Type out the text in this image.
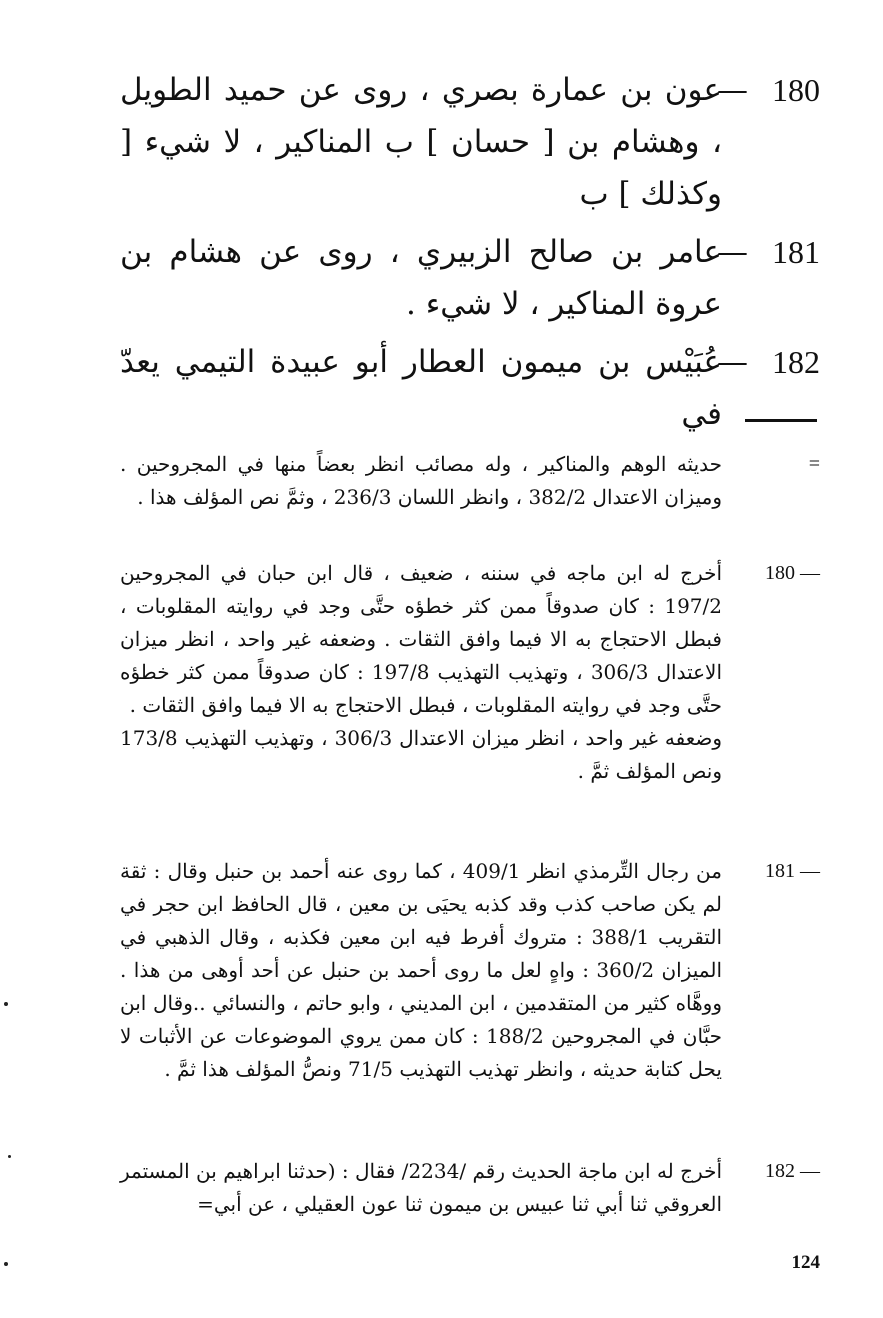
180
—
عون بن عمارة بصري ، روى عن حميد الطويل ، وهشام بن [ حسان ] ب المناكير ، لا شيء [ وكذلك ] ب
181
—
عامر بن صالح الزبيري ، روى عن هشام بن عروة المناكير ، لا شيء .
182
—
عُبَيْس بن ميمون العطار أبو عبيدة التيمي يعدّ في
=
حديثه الوهم والمناكير ، وله مصائب انظر بعضاً منها في المجروحين . وميزان الاعتدال 382/2 ، وانظر اللسان 236/3 ، وثمَّ نص المؤلف هذا .
180 —
أخرج له ابن ماجه في سننه ، ضعيف ، قال ابن حبان في المجروحين 197/2 : كان صدوقاً ممن كثر خطؤه حتَّى وجد في روايته المقلوبات ، فبطل الاحتجاج به الا فيما وافق الثقات . وضعفه غير واحد ، انظر ميزان الاعتدال 306/3 ، وتهذيب التهذيب 197/8 : كان صدوقاً ممن كثر خطؤه حتَّى وجد في روايته المقلوبات ، فبطل الاحتجاج به الا فيما وافق الثقات .
وضعفه غير واحد ، انظر ميزان الاعتدال 306/3 ، وتهذيب التهذيب 173/8 ونص المؤلف ثمَّ .
181 —
من رجال التِّرمذي انظر 409/1 ، كما روى عنه أحمد بن حنبل وقال : ثقة لم يكن صاحب كذب وقد كذبه يحيَى بن معين ، قال الحافظ ابن حجر في التقريب 388/1 : متروك أفرط فيه ابن معين فكذبه ، وقال الذهبي في الميزان 360/2 : واهٍ لعل ما روى أحمد بن حنبل عن أحد أوهى من هذا . ووهَّاه كثير من المتقدمين ، ابن المديني ، وابو حاتم ، والنسائي ..وقال ابن حبَّان في المجروحين 188/2 : كان ممن يروي الموضوعات عن الأثبات لا يحل كتابة حديثه ، وانظر تهذيب التهذيب 71/5 ونصُّ المؤلف هذا ثمَّ .
182 —
أخرج له ابن ماجة الحديث رقم /2234/ فقال : (حدثنا ابراهيم بن المستمر العروقي ثنا أبي ثنا عبيس بن ميمون ثنا عون العقيلي ، عن أبي=
124
